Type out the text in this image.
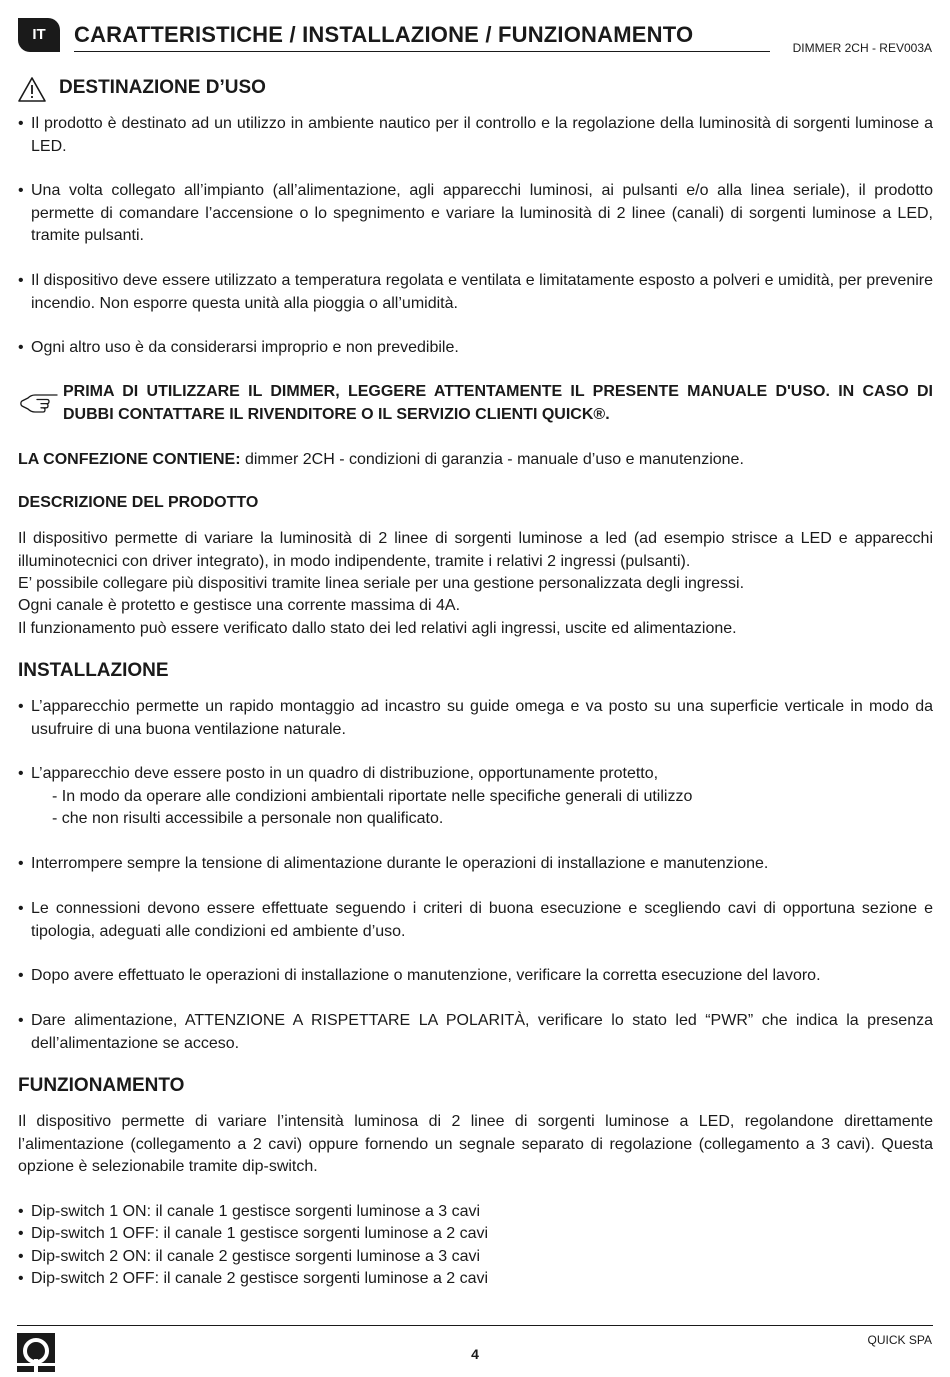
IT	CARATTERISTICHE / INSTALLAZIONE / FUNZIONAMENTO
DIMMER 2CH - REV003A
DESTINAZIONE D’USO
• Il prodotto è destinato ad un utilizzo in ambiente nautico per il controllo e la regolazione della luminosità di sorgenti luminose a LED.
• Una volta collegato all’impianto (all’alimentazione, agli apparecchi luminosi, ai pulsanti e/o alla linea seriale), il prodotto permette di comandare l’accensione o lo spegnimento e variare la luminosità di 2 linee (canali) di sorgenti luminose a LED, tramite pulsanti.
• Il dispositivo deve essere utilizzato a temperatura regolata e ventilata e limitatamente esposto a polveri e umidità, per prevenire incendio. Non esporre questa unità alla pioggia o all’umidità.
• Ogni altro uso è da considerarsi improprio e non prevedibile.
PRIMA DI UTILIZZARE IL DIMMER, LEGGERE ATTENTAMENTE IL PRESENTE MANUALE D'USO. IN CASO DI DUBBI CONTATTARE IL RIVENDITORE O IL SERVIZIO CLIENTI QUICK®.
LA CONFEZIONE CONTIENE: dimmer 2CH - condizioni di garanzia - manuale d’uso e manutenzione.
DESCRIZIONE DEL PRODOTTO
Il dispositivo permette di variare la luminosità di 2 linee di sorgenti luminose a led (ad esempio strisce a LED e apparecchi illuminotecnici con driver integrato), in modo indipendente, tramite i relativi 2 ingressi (pulsanti).
E’ possibile collegare più dispositivi tramite linea seriale per una gestione personalizzata degli ingressi.
Ogni canale è protetto e gestisce una corrente massima di 4A.
Il funzionamento può essere verificato dallo stato dei led relativi agli ingressi, uscite ed alimentazione.
INSTALLAZIONE
• L’apparecchio permette un rapido montaggio ad incastro su guide omega e va posto su una superficie verticale in modo da usufruire di una buona ventilazione naturale.
• L’apparecchio deve essere posto in un quadro di distribuzione, opportunamente protetto,
- In modo da operare alle condizioni ambientali riportate nelle specifiche generali di utilizzo
- che non risulti accessibile a personale non qualificato.
• Interrompere sempre la tensione di alimentazione durante le operazioni di installazione e manutenzione.
• Le connessioni devono essere effettuate seguendo i criteri di buona esecuzione e scegliendo cavi di opportuna sezione e tipologia, adeguati alle condizioni ed ambiente d’uso.
• Dopo avere effettuato le operazioni di installazione o manutenzione, verificare la corretta esecuzione del lavoro.
• Dare alimentazione, ATTENZIONE A RISPETTARE LA POLARITÀ, verificare lo stato led “PWR” che indica la presenza dell’alimentazione se acceso.
FUNZIONAMENTO
Il dispositivo permette di variare l’intensità luminosa di 2 linee di sorgenti luminose a LED, regolandone direttamente l’alimentazione (collegamento a 2 cavi) oppure fornendo un segnale separato di regolazione (collegamento a 3 cavi). Questa opzione è selezionabile tramite dip-switch.
• Dip-switch 1 ON: il canale 1 gestisce sorgenti luminose a 3 cavi
• Dip-switch 1 OFF: il canale 1 gestisce sorgenti luminose a 2 cavi
• Dip-switch 2 ON: il canale 2 gestisce sorgenti luminose a 3 cavi
• Dip-switch 2 OFF: il canale 2 gestisce sorgenti luminose a 2 cavi
4
QUICK SPA
